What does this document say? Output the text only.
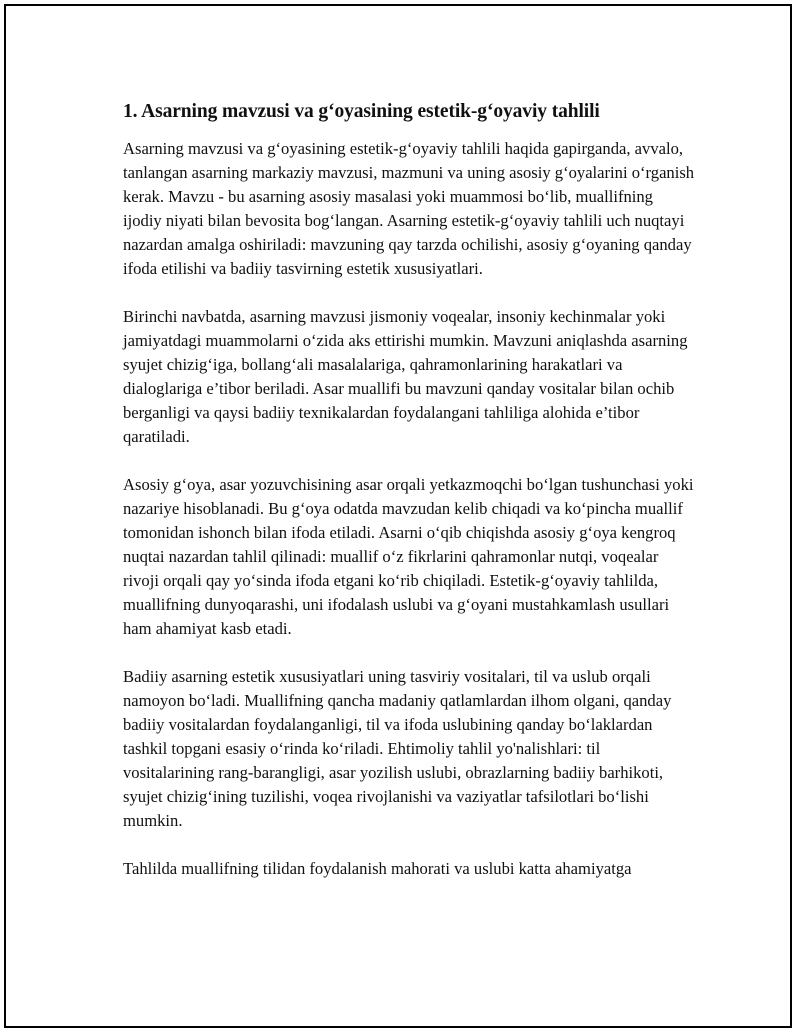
1. Asarning mavzusi va g‘oyasining estetik-g‘oyaviy tahlili

Asarning mavzusi va g‘oyasining estetik-g‘oyaviy tahlili haqida gapirganda, avvalo, tanlangan asarning markaziy mavzusi, mazmuni va uning asosiy g‘oyalarini o‘rganish kerak. Mavzu - bu asarning asosiy masalasi yoki muammosi bo‘lib, muallifning ijodiy niyati bilan bevosita bog‘langan. Asarning estetik-g‘oyaviy tahlili uch nuqtayi nazardan amalga oshiriladi: mavzuning qay tarzda ochilishi, asosiy g‘oyaning qanday ifoda etilishi va badiiy tasvirning estetik xususiyatlari.

Birinchi navbatda, asarning mavzusi jismoniy voqealar, insoniy kechinmalar yoki jamiyatdagi muammolarni o‘zida aks ettirishi mumkin. Mavzuni aniqlashda asarning syujet chizig‘iga, bollang‘ali masalalariga, qahramonlarining harakatlari va dialoglariga e’tibor beriladi. Asar muallifi bu mavzuni qanday vositalar bilan ochib berganligi va qaysi badiiy texnikalardan foydalangani tahliliga alohida e’tibor qaratiladi.

Asosiy g‘oya, asar yozuvchisining asar orqali yetkazmoqchi bo‘lgan tushunchasi yoki nazariye hisoblanadi. Bu g‘oya odatda mavzudan kelib chiqadi va ko‘pincha muallif tomonidan ishonch bilan ifoda etiladi. Asarni o‘qib chiqishda asosiy g‘oya kengroq nuqtai nazardan tahlil qilinadi: muallif o‘z fikrlarini qahramonlar nutqi, voqealar rivoji orqali qay yo‘sinda ifoda etgani ko‘rib chiqiladi. Estetik-g‘oyaviy tahlilda, muallifning dunyoqarashi, uni ifodalash uslubi va g‘oyani mustahkamlash usullari ham ahamiyat kasb etadi.

Badiiy asarning estetik xususiyatlari uning tasviriy vositalari, til va uslub orqali namoyon bo‘ladi. Muallifning qancha madaniy qatlamlardan ilhom olgani, qanday badiiy vositalardan foydalanganligi, til va ifoda uslubining qanday bo‘laklardan tashkil topgani esasiy o‘rinda ko‘riladi. Ehtimoliy tahlil yo'nalishlari: til vositalarining rang-barangligi, asar yozilish uslubi, obrazlarning badiiy barhikoti, syujet chizig‘ining tuzilishi, voqea rivojlanishi va vaziyatlar tafsilotlari bo‘lishi mumkin.

Tahlilda muallifning tilidan foydalanish mahorati va uslubi katta ahamiyatga
